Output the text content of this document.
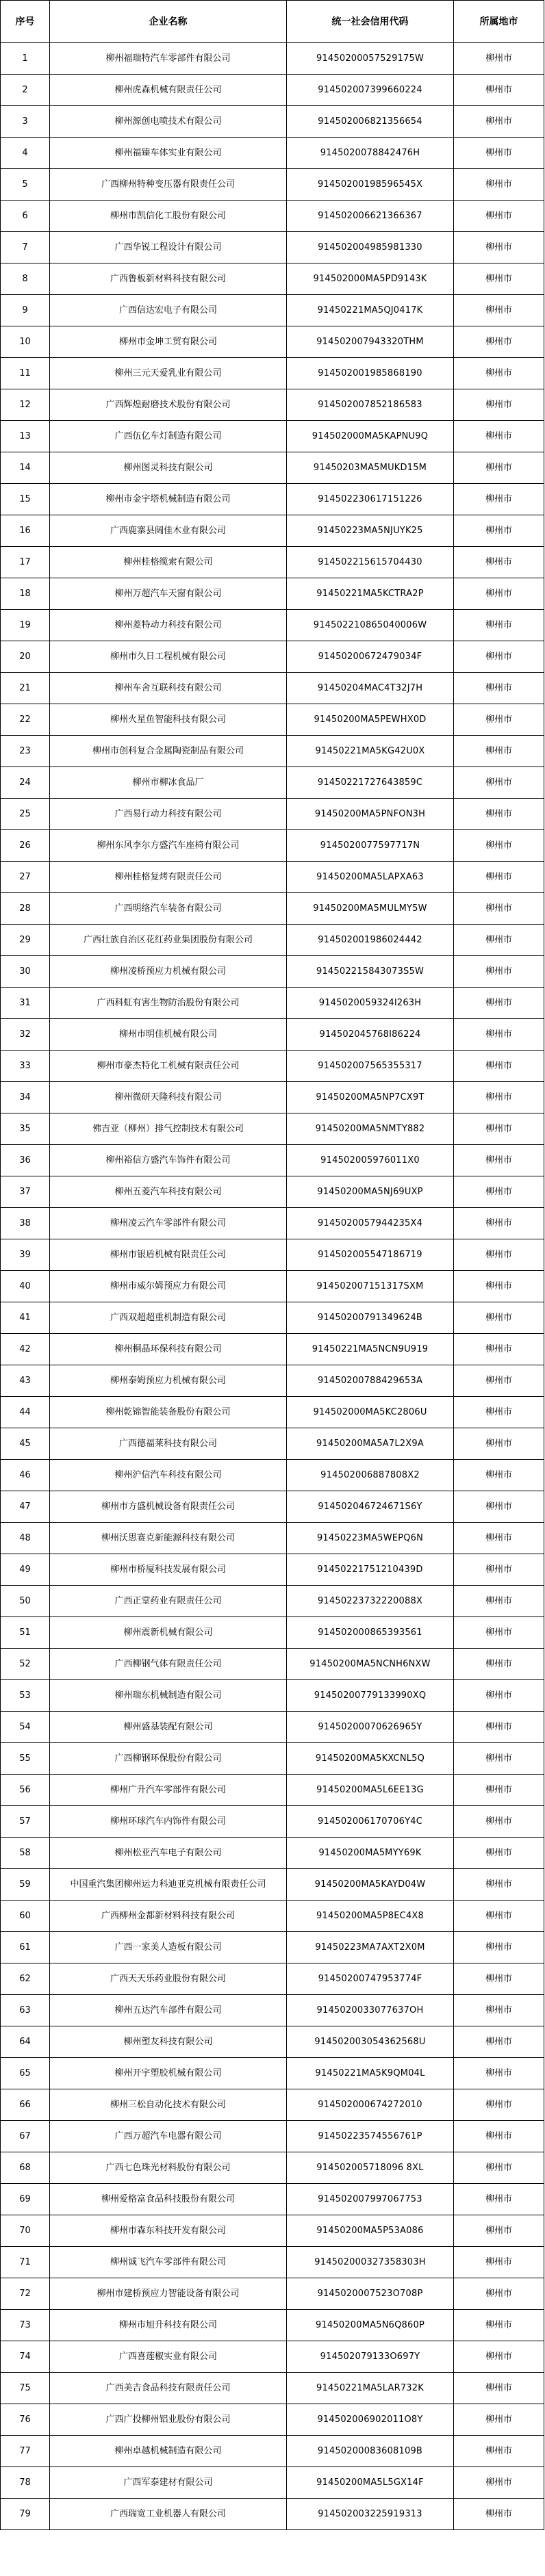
序号	企业名称	统一社会信用代码	所属地市
1	柳州福瑞特汽车零部件有限公司	91450200057529175W	柳州市
2	柳州虎森机械有限责任公司	914502007399660224	柳州市
3	柳州源创电喷技术有限公司	914502006821356654	柳州市
4	柳州福臻车体实业有限公司	9145020078842476H	柳州市
5	广西柳州特种变压器有限责任公司	91450200198596545X	柳州市
6	柳州市凯信化工股份有限公司	914502006621366367	柳州市
7	广西华锐工程设计有限公司	914502004985981330	柳州市
8	广西鲁板新材料科技有限公司	914502000MA5PD9143K	柳州市
9	广西信达宏电子有限公司	91450221MA5QJ0417K	柳州市
10	柳州市金坤工贸有限公司	914502007943320THM	柳州市
11	柳州三元天爱乳业有限公司	914502001985868190	柳州市
12	广西辉煌耐磨技术股份有限公司	914502007852186583	柳州市
13	广西伍亿车灯制造有限公司	914502000MA5KAPNU9Q	柳州市
14	柳州图灵科技有限公司	91450203MA5MUKD15M	柳州市
15	柳州市金宇塔机械制造有限公司	914502230617151226	柳州市
16	广西鹿寨县阔佳木业有限公司	91450223MA5NJUYK25	柳州市
17	柳州桂格缆索有限公司	914502215615704430	柳州市
18	柳州万超汽车天窗有限公司	91450221MA5KCTRA2P	柳州市
19	柳州菱特动力科技有限公司	914502210865040006W	柳州市
20	柳州市久日工程机械有限公司	91450200672479034F	柳州市
21	柳州车舍互联科技有限公司	91450204MAC4T32J7H	柳州市
22	柳州火星鱼智能科技有限公司	91450200MA5PEWHX0D	柳州市
23	柳州市创科复合金属陶瓷制品有限公司	91450221MA5KG42U0X	柳州市
24	柳州市柳冰食品厂	91450221727643859C	柳州市
25	广西易行动力科技有限公司	91450200MA5PNFON3H	柳州市
26	柳州东风李尔方盛汽车座椅有限公司	9145020077597717N	柳州市
27	柳州桂格复烤有限责任公司	91450200MA5LAPXA63	柳州市
28	广西明络汽车装备有限公司	91450200MA5MULMY5W	柳州市
29	广西壮族自治区花红药业集团股份有限公司	914502001986024442	柳州市
30	柳州凌桥预应力机械有限公司	914502215843073S5W	柳州市
31	广西科虹有害生物防治股份有限公司	9145020059324I263H	柳州市
32	柳州市明佳机械有限公司	914502045768I86224	柳州市
33	柳州市豪杰特化工机械有限责任公司	914502007565355317	柳州市
34	柳州微研天隆科技有限公司	91450200MA5NP7CX9T	柳州市
35	佛吉亚（柳州）排气控制技术有限公司	91450200MA5NMTY882	柳州市
36	柳州裕信方盛汽车饰件有限公司	914502005976011X0	柳州市
37	柳州五菱汽车科技有限公司	91450200MA5NJ69UXP	柳州市
38	柳州凌云汽车零部件有限公司	9145020057944235X4	柳州市
39	柳州市银盾机械有限责任公司	914502005547186719	柳州市
40	柳州市威尔姆预应力有限公司	914502007151317SXM	柳州市
41	广西双超超重机制造有限公司	91450200791349624B	柳州市
42	柳州桐晶环保科技有限公司	91450221MA5NCN9U919	柳州市
43	柳州泰姆预应力机械有限公司	91450200788429653A	柳州市
44	柳州乾锦智能装备股份有限公司	914502000MA5KC2806U	柳州市
45	广西德福莱科技有限公司	91450200MA5A7L2X9A	柳州市
46	柳州沪信汽车科技有限公司	914502006887808X2	柳州市
47	柳州市方盛机械设备有限责任公司	914502046724671S6Y	柳州市
48	柳州沃思赛克新能源科技有限公司	91450223MA5WEPQ6N	柳州市
49	柳州市桥厦科技发展有限公司	91450221751210439D	柳州市
50	广西正堂药业有限责任公司	91450223732220088X	柳州市
51	柳州震新机械有限公司	914502000865393561	柳州市
52	广西柳钢气体有限责任公司	91450200MA5NCNH6NXW	柳州市
53	柳州瑞东机械制造有限公司	91450200779133990XQ	柳州市
54	柳州盛基装配有限公司	91450200070626965Y	柳州市
55	广西柳钢环保股份有限公司	91450200MA5KXCNL5Q	柳州市
56	柳州广升汽车零部件有限公司	91450200MA5L6EE13G	柳州市
57	柳州环球汽车内饰件有限公司	914502006170706Y4C	柳州市
58	柳州松亚汽车电子有限公司	91450200MA5MYY69K	柳州市
59	中国重汽集团柳州运力科迪亚克机械有限责任公司	91450200MA5KAYD04W	柳州市
60	广西柳州金都新材料科技有限公司	91450200MA5P8EC4X8	柳州市
61	广西一家美人造板有限公司	91450223MA7AXT2X0M	柳州市
62	广西天天乐药业股份有限公司	91450200747953774F	柳州市
63	柳州五达汽车部件有限公司	9145020033077637OH	柳州市
64	柳州塑友科技有限公司	914502003054362568U	柳州市
65	柳州开宇塑胶机械有限公司	91450221MA5K9QM04L	柳州市
66	柳州三松自动化技术有限公司	914502000674272010	柳州市
67	广西万超汽车电器有限公司	91450223574556761P	柳州市
68	广西七色珠光材料股份有限公司	914502005718096 8XL	柳州市
69	柳州爱格富食品科技股份有限公司	914502007997067753	柳州市
70	柳州市森东科技开发有限公司	91450200MA5P53A086	柳州市
71	柳州诚飞汽车零部件有限公司	914502000327358303H	柳州市
72	柳州市建桥预应力智能设备有限公司	9145020007523O708P	柳州市
73	柳州市旭升科技有限公司	91450200MA5N6Q860P	柳州市
74	广西喜莲椒实业有限公司	914502079133O697Y	柳州市
75	广西美吉食品科技有限责任公司	91450221MA5LAR732K	柳州市
76	广西广投柳州铝业股份有限公司	914502006902011O8Y	柳州市
77	柳州卓越机械制造有限公司	91450200083608109B	柳州市
78	广西军泰建材有限公司	91450200MA5L5GX14F	柳州市
79	广西瑞宽工业机器人有限公司	914502003225919313	柳州市
